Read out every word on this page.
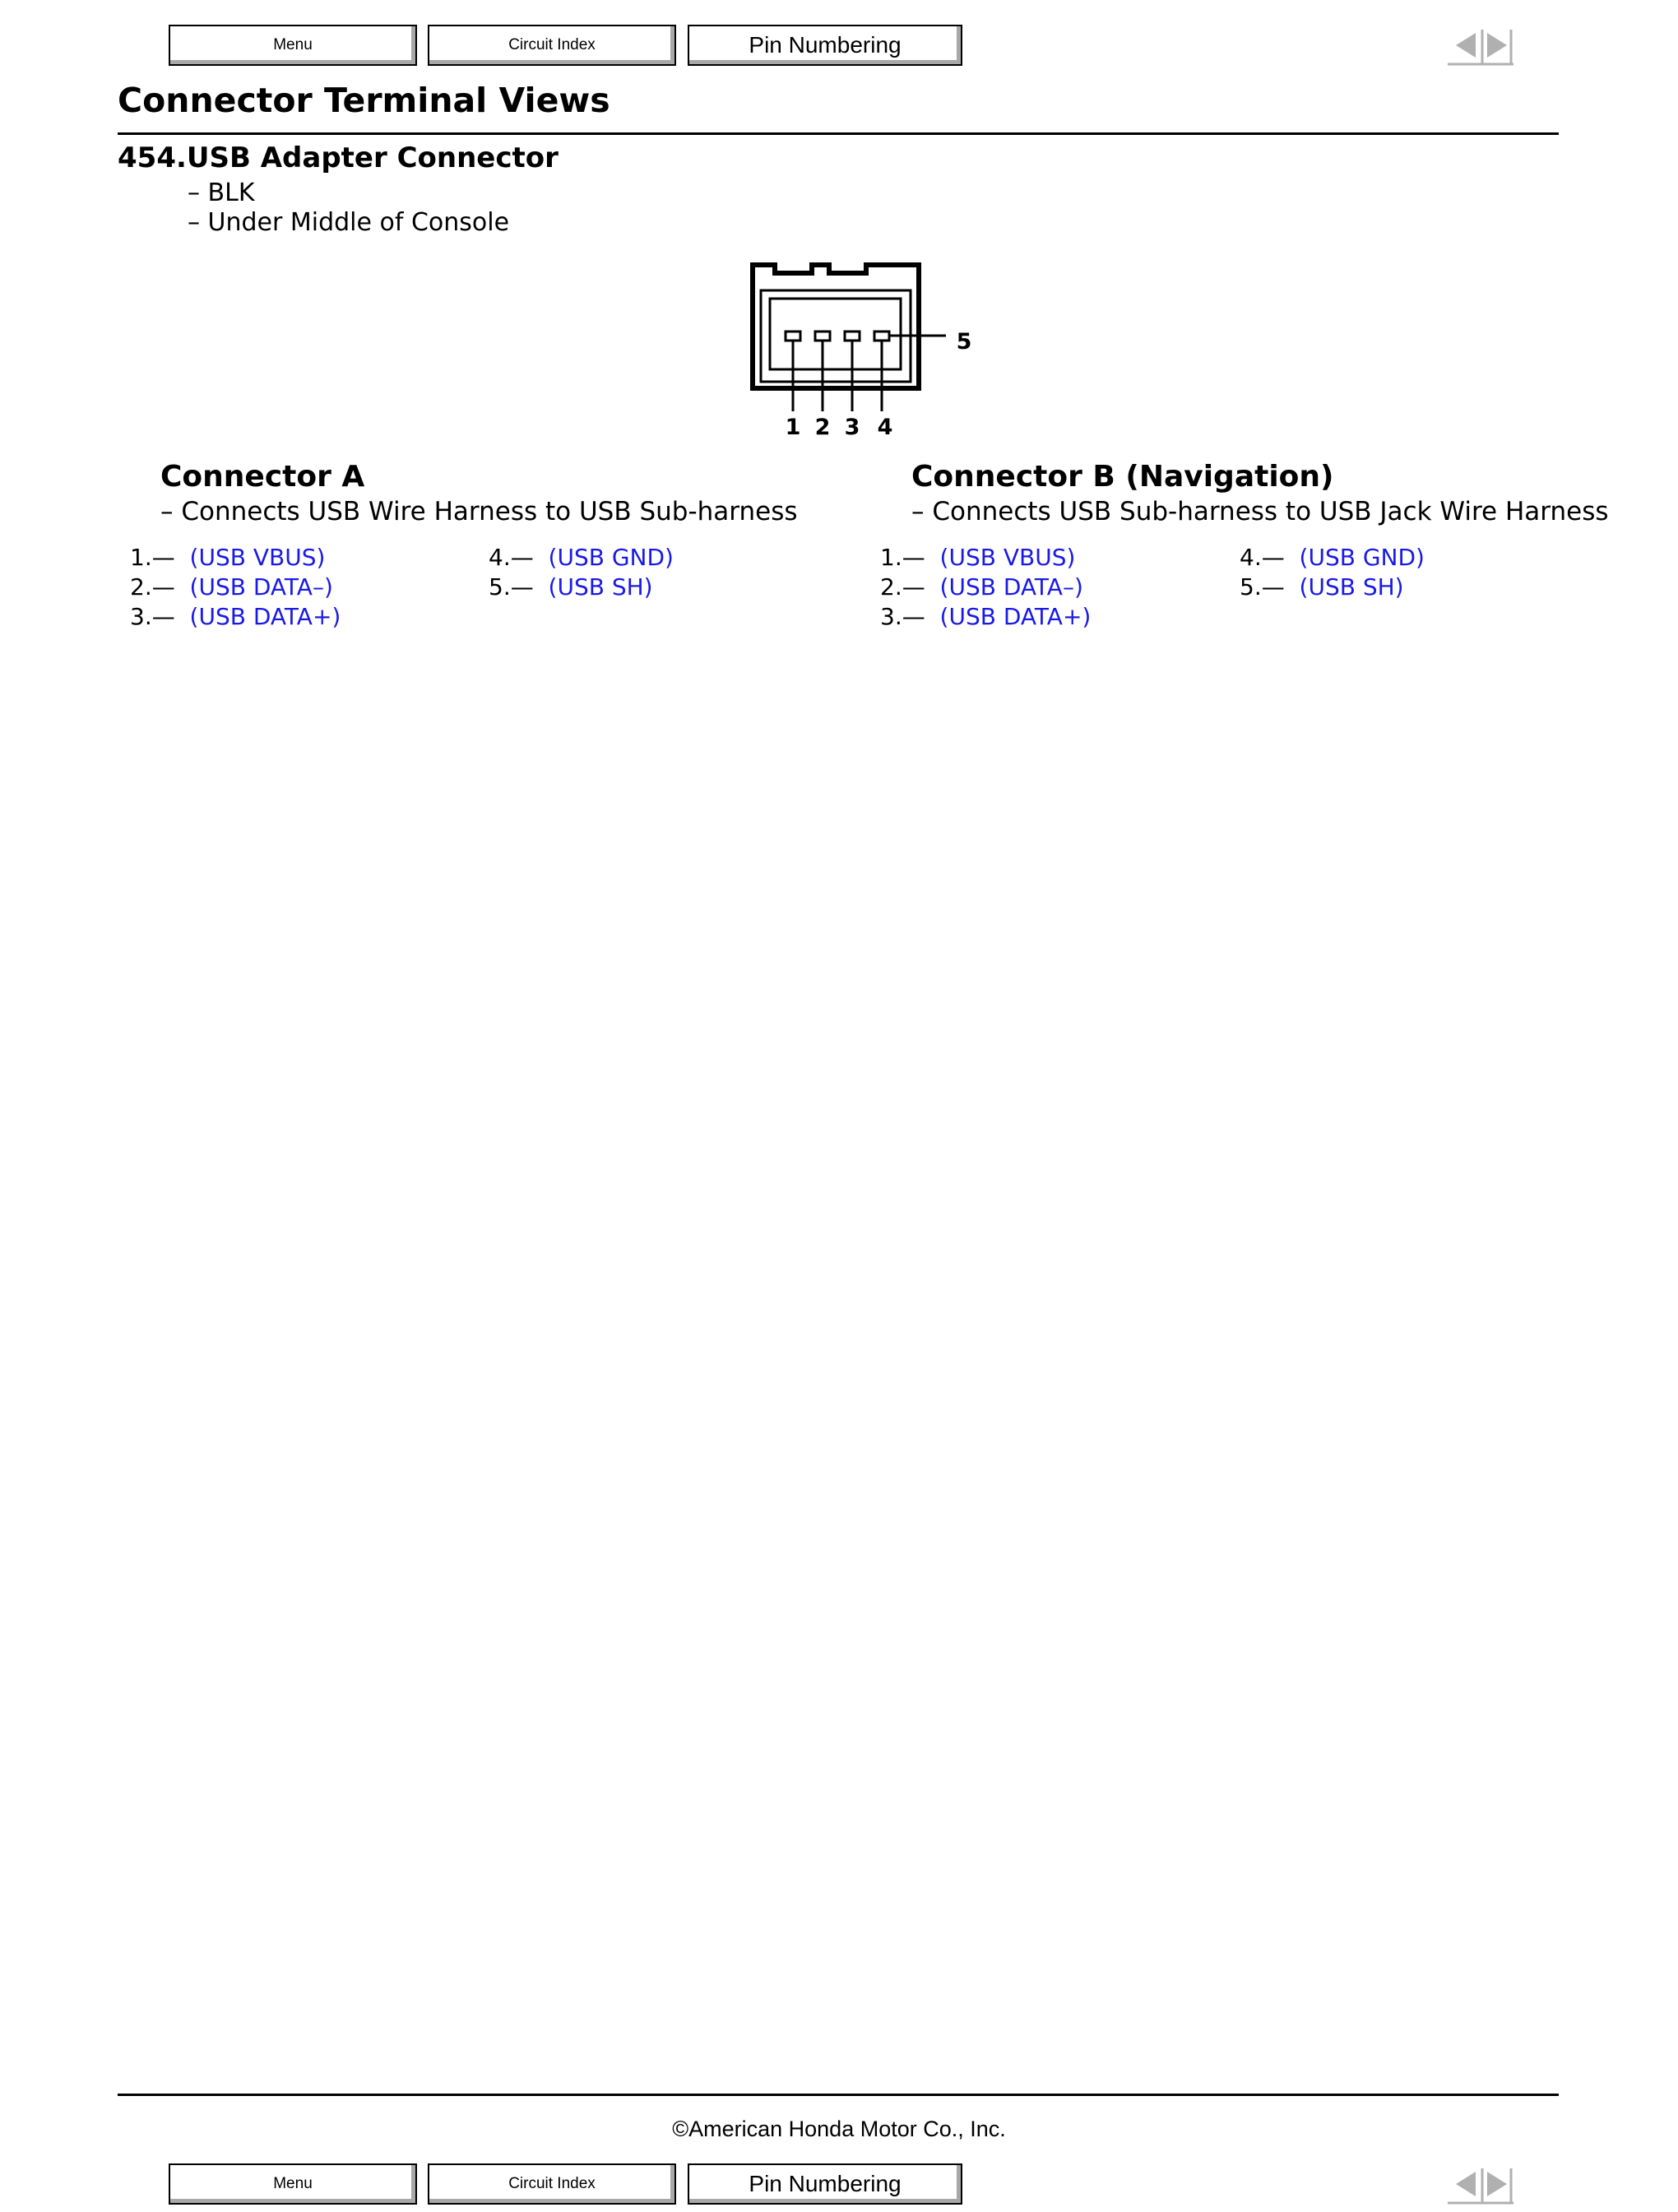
Menu	Circuit Index	Pin Numbering
Connector Terminal Views
454.USB Adapter Connector
– BLK
– Under Middle of Console
1 2 3 4
5
Connector A
– Connects USB Wire Harness to USB Sub-harness
1.— (USB VBUS)
2.— (USB DATA–)
3.— (USB DATA+)
4.— (USB GND)
5.— (USB SH)
Connector B (Navigation)
– Connects USB Sub-harness to USB Jack Wire Harness
1.— (USB VBUS)
2.— (USB DATA–)
3.— (USB DATA+)
4.— (USB GND)
5.— (USB SH)
©American Honda Motor Co., Inc.
Menu	Circuit Index	Pin Numbering
